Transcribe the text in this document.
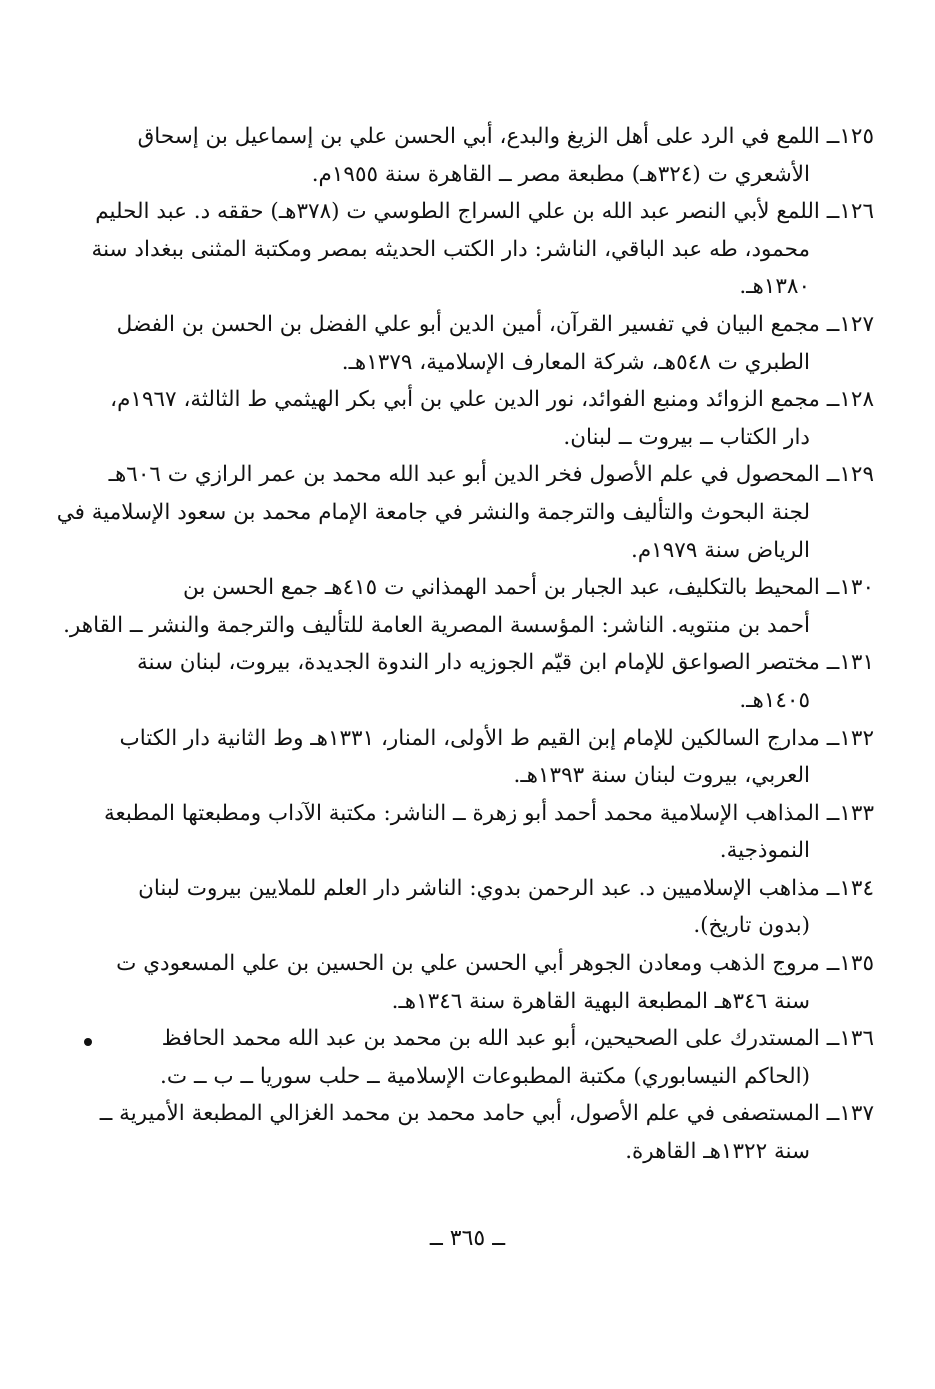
١٢٥ــ اللمع في الرد على أهل الزيغ والبدع، أبي الحسن علي بن إسماعيل بن إسحاق
الأشعري ت (٣٢٤هـ) مطبعة مصر ــ القاهرة سنة ١٩٥٥م.
١٢٦ــ اللمع لأبي النصر عبد الله بن علي السراج الطوسي ت (٣٧٨هـ) حققه د. عبد الحليم
محمود، طه عبد الباقي، الناشر: دار الكتب الحديثه بمصر ومكتبة المثنى ببغداد سنة
١٣٨٠هـ.
١٢٧ــ مجمع البيان في تفسير القرآن، أمين الدين أبو علي الفضل بن الحسن بن الفضل
الطبري ت ٥٤٨هـ، شركة المعارف الإسلامية، ١٣٧٩هـ.
١٢٨ــ مجمع الزوائد ومنبع الفوائد، نور الدين علي بن أبي بكر الهيثمي ط الثالثة، ١٩٦٧م،
دار الكتاب ــ بيروت ــ لبنان.
١٢٩ــ المحصول في علم الأصول فخر الدين أبو عبد الله محمد بن عمر الرازي ت ٦٠٦هـ
لجنة البحوث والتأليف والترجمة والنشر في جامعة الإمام محمد بن سعود الإسلامية في
الرياض سنة ١٩٧٩م.
١٣٠ــ المحيط بالتكليف، عبد الجبار بن أحمد الهمذاني ت ٤١٥هـ جمع الحسن بن
أحمد بن منتويه. الناشر: المؤسسة المصرية العامة للتأليف والترجمة والنشر ــ القاهر.
١٣١ــ مختصر الصواعق للإمام ابن قيّم الجوزيه دار الندوة الجديدة، بيروت، لبنان سنة
١٤٠٥هـ.
١٣٢ــ مدارج السالكين للإمام إبن القيم ط الأولى، المنار، ١٣٣١هـ وط الثانية دار الكتاب
العربي، بيروت لبنان سنة ١٣٩٣هـ.
١٣٣ــ المذاهب الإسلامية محمد أحمد أبو زهرة ــ الناشر: مكتبة الآداب ومطبعتها المطبعة
النموذجية.
١٣٤ــ مذاهب الإسلاميين د. عبد الرحمن بدوي: الناشر دار العلم للملايين بيروت لبنان
(بدون تاريخ).
١٣٥ــ مروج الذهب ومعادن الجوهر أبي الحسن علي بن الحسين بن علي المسعودي ت
سنة ٣٤٦هـ المطبعة البهية القاهرة سنة ١٣٤٦هـ.
١٣٦ــ المستدرك على الصحيحين، أبو عبد الله بن محمد بن عبد الله محمد الحافظ
(الحاكم النيسابوري) مكتبة المطبوعات الإسلامية ــ حلب سوريا ــ ب ــ ت.
١٣٧ــ المستصفى في علم الأصول، أبي حامد محمد بن محمد الغزالي المطبعة الأميرية ــ
سنة ١٣٢٢هـ القاهرة.
ــ ٣٦٥ ــ
